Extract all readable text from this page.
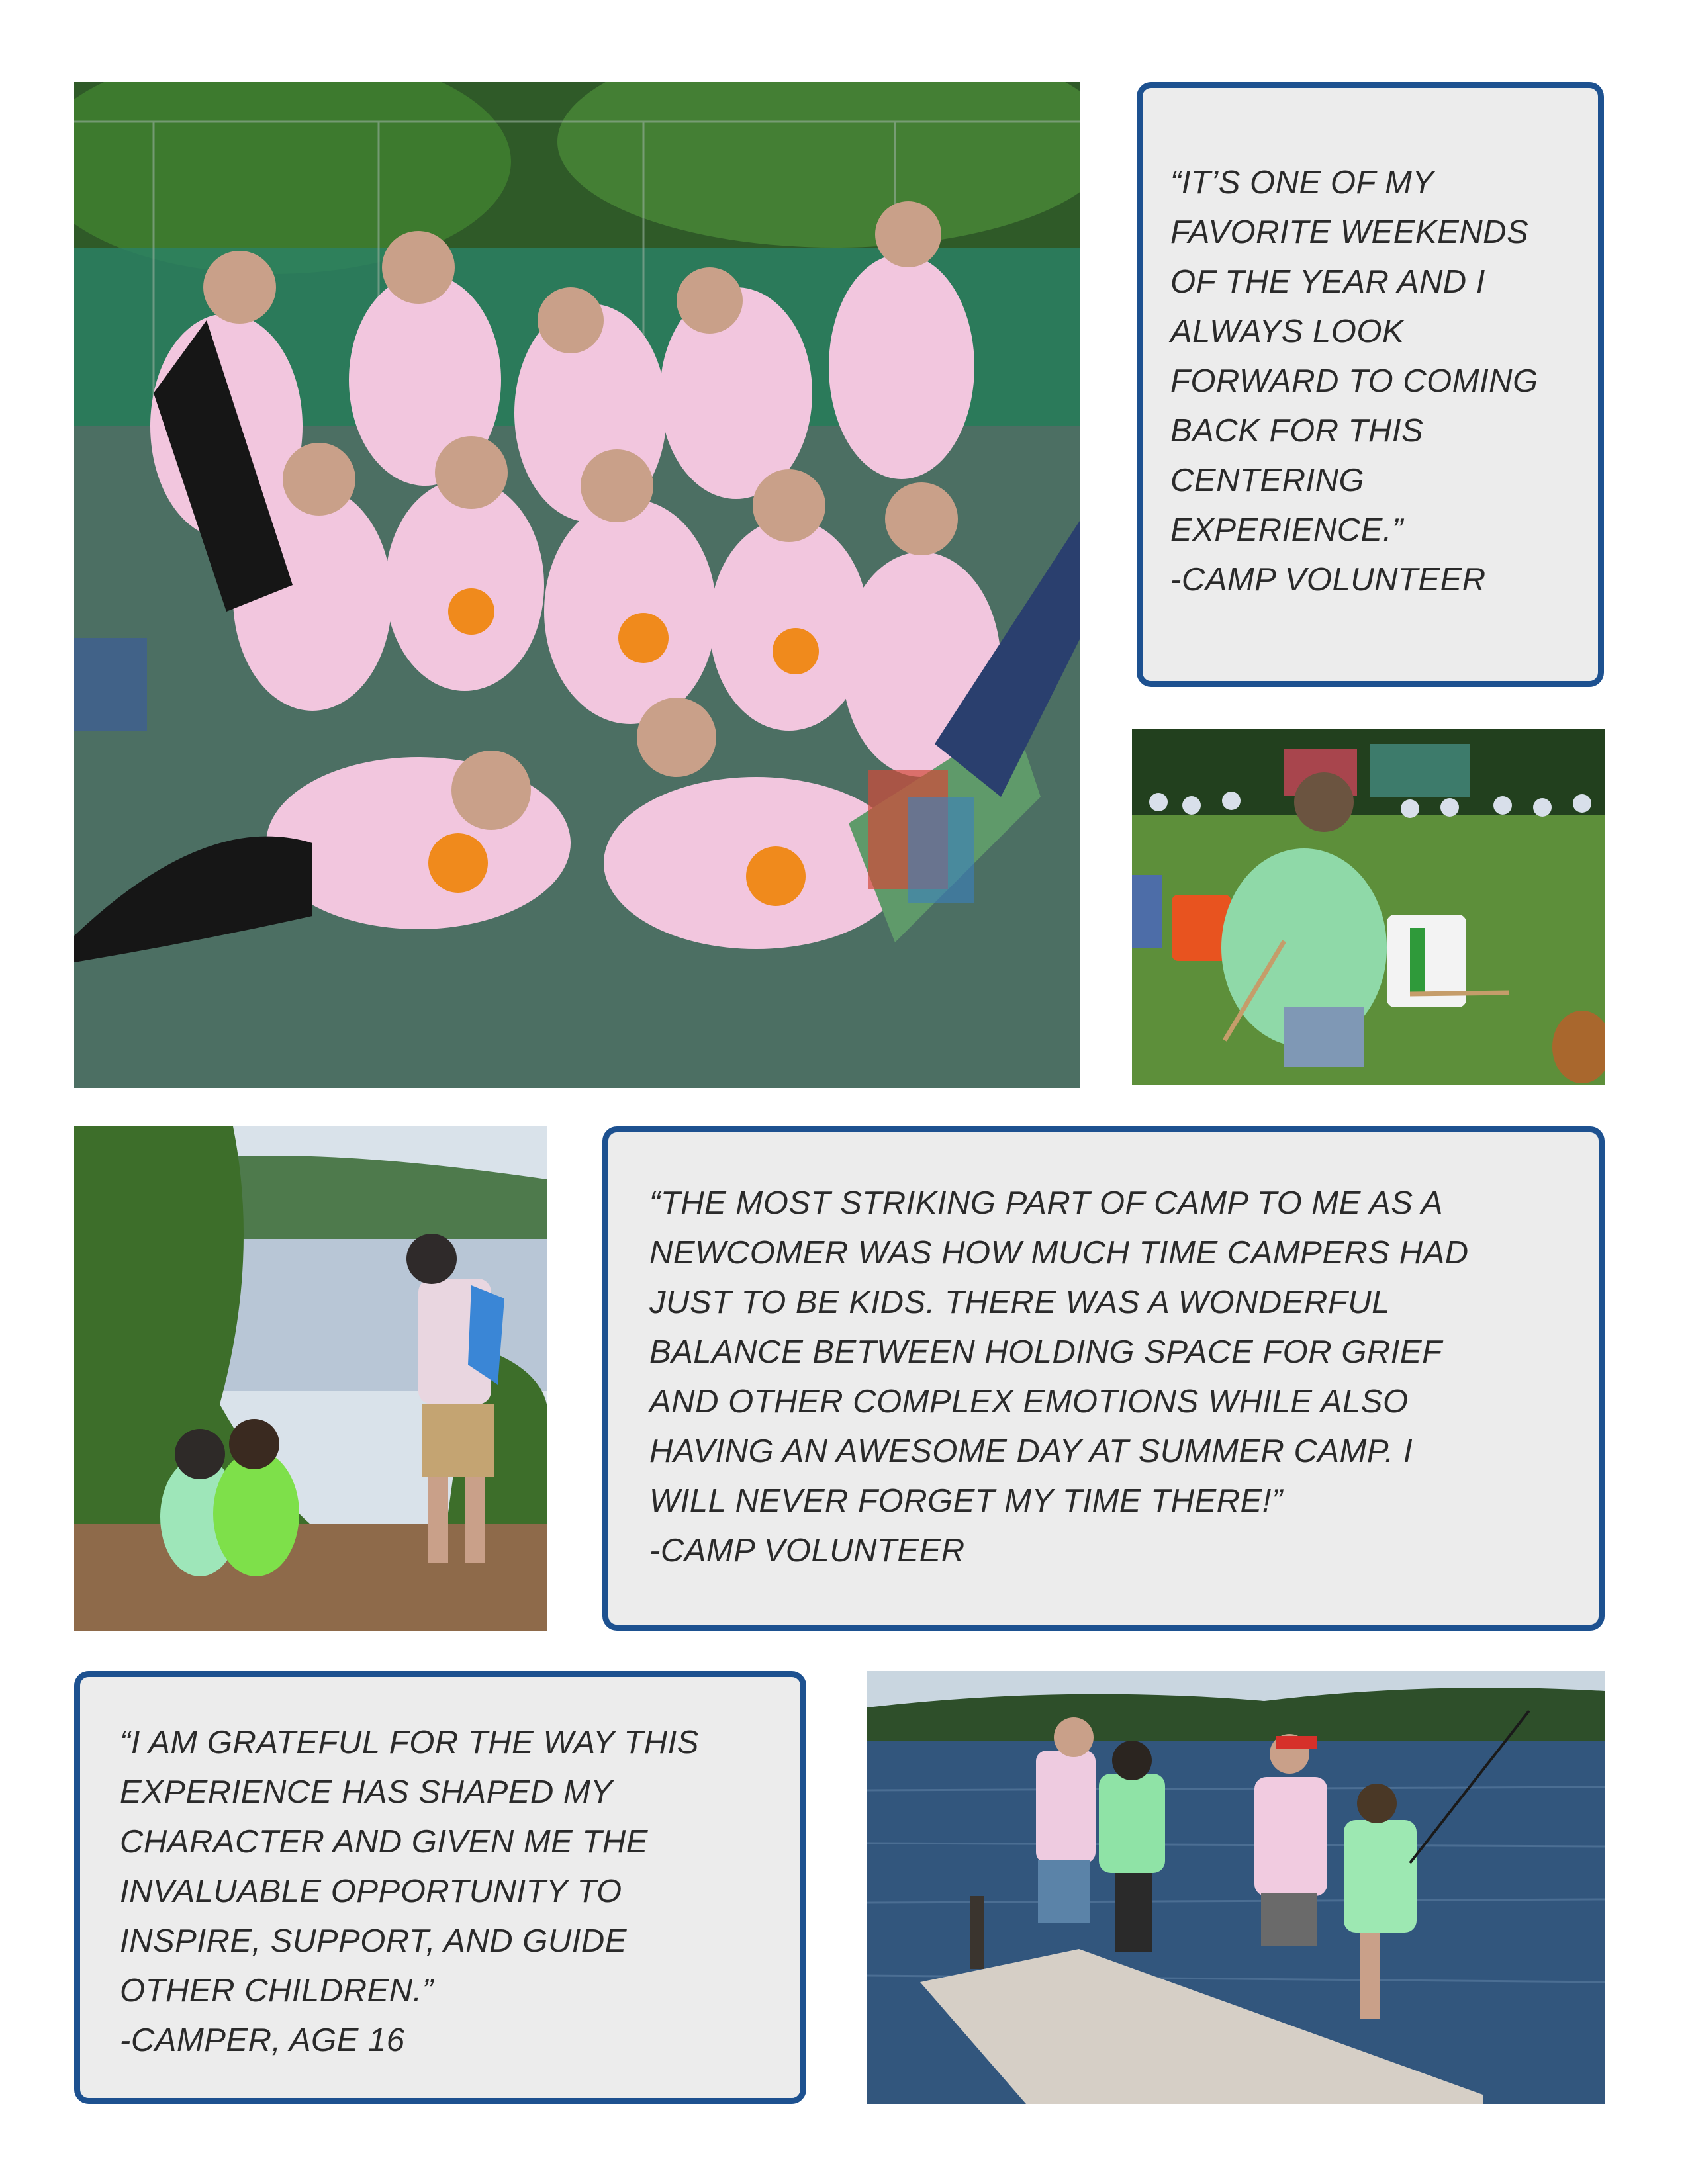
“IT’S ONE OF MY
FAVORITE WEEKENDS
OF THE YEAR AND I
ALWAYS LOOK
FORWARD TO COMING
BACK FOR THIS
CENTERING
EXPERIENCE.”
-CAMP VOLUNTEER
“THE MOST STRIKING PART OF CAMP TO ME AS A
NEWCOMER WAS HOW MUCH TIME CAMPERS HAD
JUST TO BE KIDS. THERE WAS A WONDERFUL
BALANCE BETWEEN HOLDING SPACE FOR GRIEF
AND OTHER COMPLEX EMOTIONS WHILE ALSO
HAVING AN AWESOME DAY AT SUMMER CAMP. I
WILL NEVER FORGET MY TIME THERE!”
-CAMP VOLUNTEER
“I AM GRATEFUL FOR THE WAY THIS
EXPERIENCE HAS SHAPED MY
CHARACTER AND GIVEN ME THE
INVALUABLE OPPORTUNITY TO
INSPIRE, SUPPORT, AND GUIDE
OTHER CHILDREN.”
-CAMPER, AGE 16
